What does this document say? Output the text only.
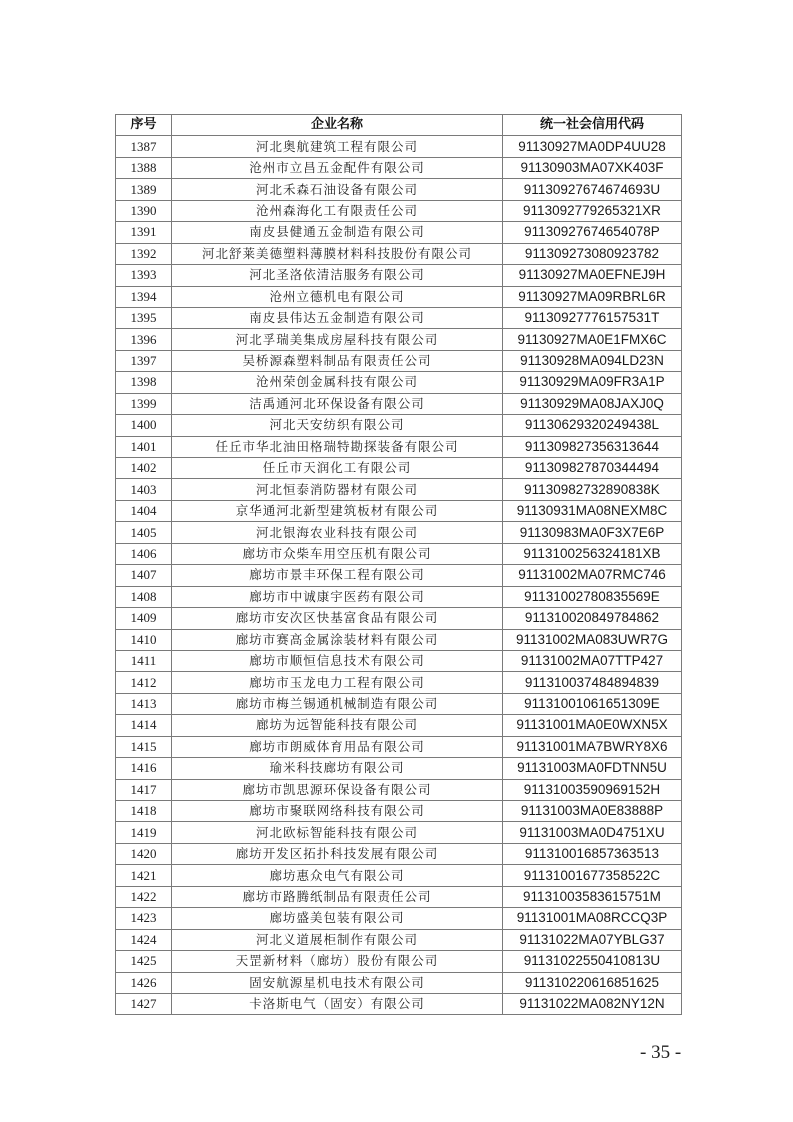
序号	企业名称	统一社会信用代码
1387	河北奥航建筑工程有限公司	91130927MA0DP4UU28
1388	沧州市立昌五金配件有限公司	91130903MA07XK403F
1389	河北禾森石油设备有限公司	91130927674674693U
1390	沧州森海化工有限责任公司	9113092779265321XR
1391	南皮县健通五金制造有限公司	91130927674654078P
1392	河北舒莱美德塑料薄膜材料科技股份有限公司	911309273080923782
1393	河北圣洛依清洁服务有限公司	91130927MA0EFNEJ9H
1394	沧州立德机电有限公司	91130927MA09RBRL6R
1395	南皮县伟达五金制造有限公司	91130927776157531T
1396	河北孚瑞美集成房屋科技有限公司	91130927MA0E1FMX6C
1397	吴桥源森塑料制品有限责任公司	91130928MA094LD23N
1398	沧州荣创金属科技有限公司	91130929MA09FR3A1P
1399	洁禹通河北环保设备有限公司	91130929MA08JAXJ0Q
1400	河北天安纺织有限公司	91130629320249438L
1401	任丘市华北油田格瑞特勘探装备有限公司	911309827356313644
1402	任丘市天润化工有限公司	911309827870344494
1403	河北恒泰消防器材有限公司	91130982732890838K
1404	京华通河北新型建筑板材有限公司	91130931MA08NEXM8C
1405	河北银海农业科技有限公司	91130983MA0F3X7E6P
1406	廊坊市众柴车用空压机有限公司	9113100256324181XB
1407	廊坊市景丰环保工程有限公司	91131002MA07RMC746
1408	廊坊市中诚康宇医药有限公司	91131002780835569E
1409	廊坊市安次区快基富食品有限公司	911310020849784862
1410	廊坊市赛高金属涂装材料有限公司	91131002MA083UWR7G
1411	廊坊市顺恒信息技术有限公司	91131002MA07TTP427
1412	廊坊市玉龙电力工程有限公司	911310037484894839
1413	廊坊市梅兰锡通机械制造有限公司	91131001061651309E
1414	廊坊为远智能科技有限公司	91131001MA0E0WXN5X
1415	廊坊市朗威体育用品有限公司	91131001MA7BWRY8X6
1416	瑜米科技廊坊有限公司	91131003MA0FDTNN5U
1417	廊坊市凯思源环保设备有限公司	91131003590969152H
1418	廊坊市聚联网络科技有限公司	91131003MA0E83888P
1419	河北欧标智能科技有限公司	91131003MA0D4751XU
1420	廊坊开发区拓扑科技发展有限公司	911310016857363513
1421	廊坊惠众电气有限公司	91131001677358522C
1422	廊坊市路腾纸制品有限责任公司	91131003583615751M
1423	廊坊盛美包装有限公司	91131001MA08RCCQ3P
1424	河北义道展柜制作有限公司	91131022MA07YBLG37
1425	天罡新材料（廊坊）股份有限公司	91131022550410813U
1426	固安航源星机电技术有限公司	911310220616851625
1427	卡洛斯电气（固安）有限公司	91131022MA082NY12N
- 35 -
